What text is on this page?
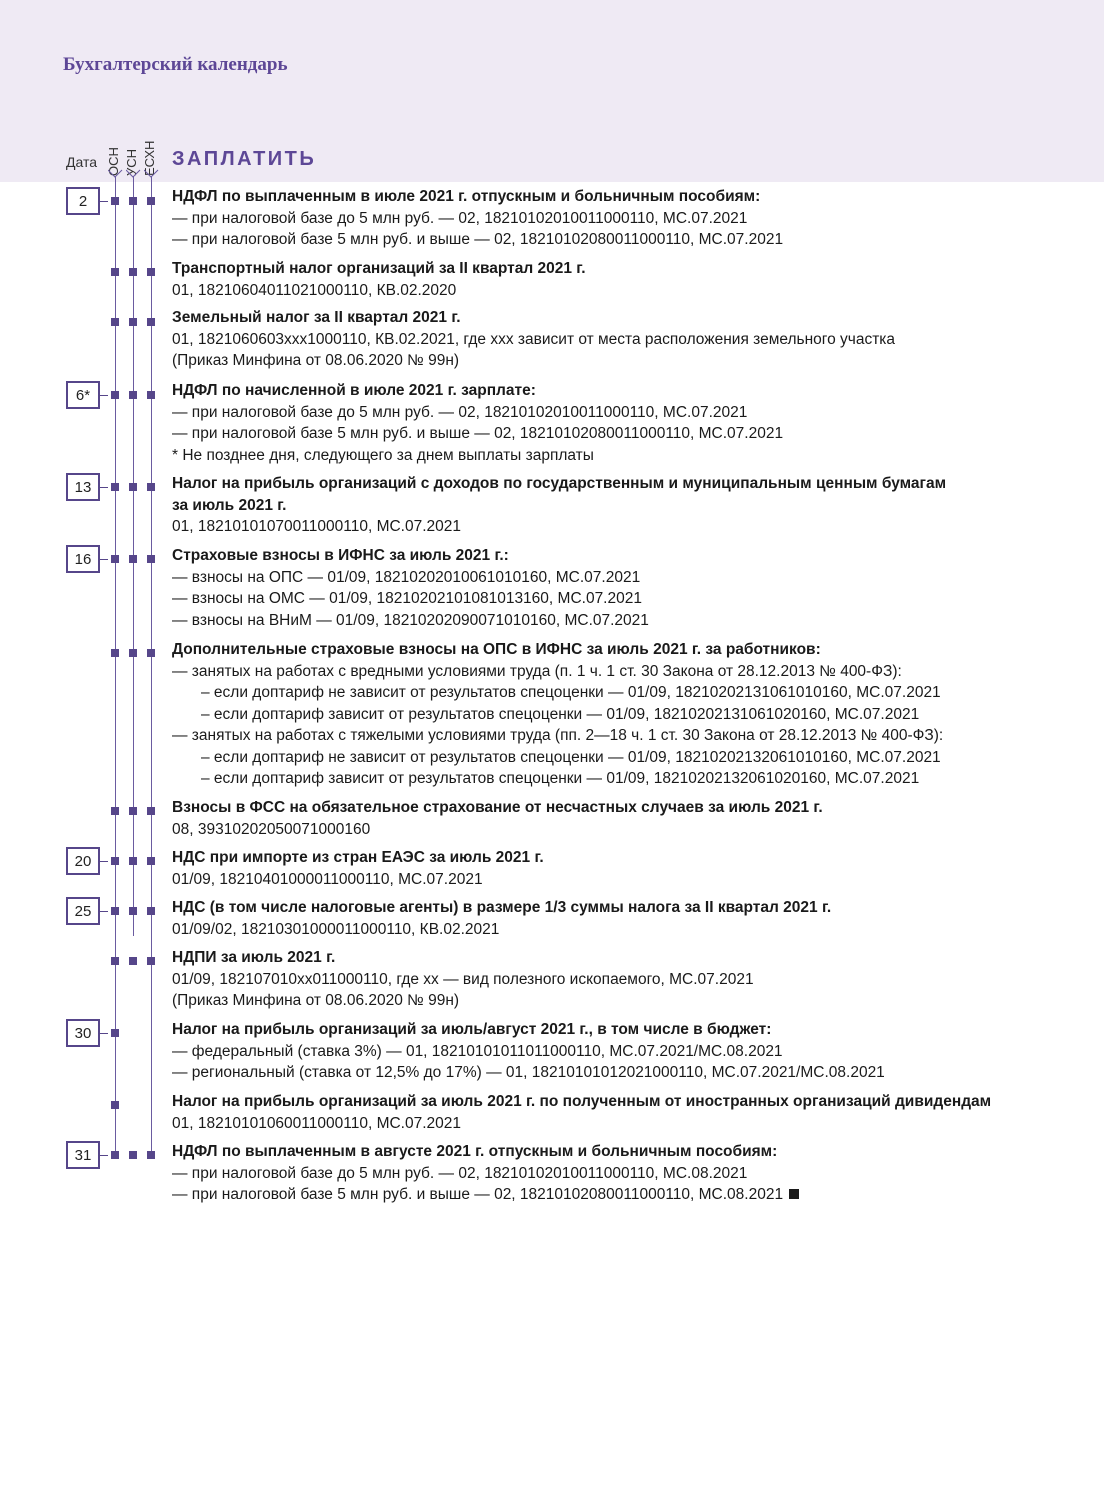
Бухгалтерский календарь
Дата ОСН УСН ЕСХН ЗАПЛАТИТЬ
2
6*
13
16
20
25
30
31
НДФЛ по выплаченным в июле 2021 г. отпускным и больничным пособиям:
— при налоговой базе до 5 млн руб. — 02, 18210102010011000110, МС.07.2021
— при налоговой базе 5 млн руб. и выше — 02, 18210102080011000110, МС.07.2021
Транспортный налог организаций за II квартал 2021 г.
01, 18210604011021000110, КВ.02.2020
Земельный налог за II квартал 2021 г.
01, 1821060603xxx1000110, КВ.02.2021, где xxx зависит от места расположения земельного участка
(Приказ Минфина от 08.06.2020 № 99н)
НДФЛ по начисленной в июле 2021 г. зарплате:
— при налоговой базе до 5 млн руб. — 02, 18210102010011000110, МС.07.2021
— при налоговой базе 5 млн руб. и выше — 02, 18210102080011000110, МС.07.2021
* Не позднее дня, следующего за днем выплаты зарплаты
Налог на прибыль организаций с доходов по государственным и муниципальным ценным бумагам
за июль 2021 г.
01, 18210101070011000110, МС.07.2021
Страховые взносы в ИФНС за июль 2021 г.:
— взносы на ОПС — 01/09, 18210202010061010160, МС.07.2021
— взносы на ОМС — 01/09, 18210202101081013160, МС.07.2021
— взносы на ВНиМ — 01/09, 18210202090071010160, МС.07.2021
Дополнительные страховые взносы на ОПС в ИФНС за июль 2021 г. за работников:
— занятых на работах с вредными условиями труда (п. 1 ч. 1 ст. 30 Закона от 28.12.2013 № 400-ФЗ):
– если доптариф не зависит от результатов спецоценки — 01/09, 18210202131061010160, МС.07.2021
– если доптариф зависит от результатов спецоценки — 01/09, 18210202131061020160, МС.07.2021
— занятых на работах с тяжелыми условиями труда (пп. 2—18 ч. 1 ст. 30 Закона от 28.12.2013 № 400-ФЗ):
– если доптариф не зависит от результатов спецоценки — 01/09, 18210202132061010160, МС.07.2021
– если доптариф зависит от результатов спецоценки — 01/09, 18210202132061020160, МС.07.2021
Взносы в ФСС на обязательное страхование от несчастных случаев за июль 2021 г.
08, 39310202050071000160
НДС при импорте из стран ЕАЭС за июль 2021 г.
01/09, 18210401000011000110, МС.07.2021
НДС (в том числе налоговые агенты) в размере 1/3 суммы налога за II квартал 2021 г.
01/09/02, 18210301000011000110, КВ.02.2021
НДПИ за июль 2021 г.
01/09, 182107010xx011000110, где xx — вид полезного ископаемого, МС.07.2021
(Приказ Минфина от 08.06.2020 № 99н)
Налог на прибыль организаций за июль/август 2021 г., в том числе в бюджет:
— федеральный (ставка 3%) — 01, 18210101011011000110, МС.07.2021/МС.08.2021
— региональный (ставка от 12,5% до 17%) — 01, 18210101012021000110, МС.07.2021/МС.08.2021
Налог на прибыль организаций за июль 2021 г. по полученным от иностранных организаций дивидендам
01, 18210101060011000110, МС.07.2021
НДФЛ по выплаченным в августе 2021 г. отпускным и больничным пособиям:
— при налоговой базе до 5 млн руб. — 02, 18210102010011000110, МС.08.2021
— при налоговой базе 5 млн руб. и выше — 02, 18210102080011000110, МС.08.2021
